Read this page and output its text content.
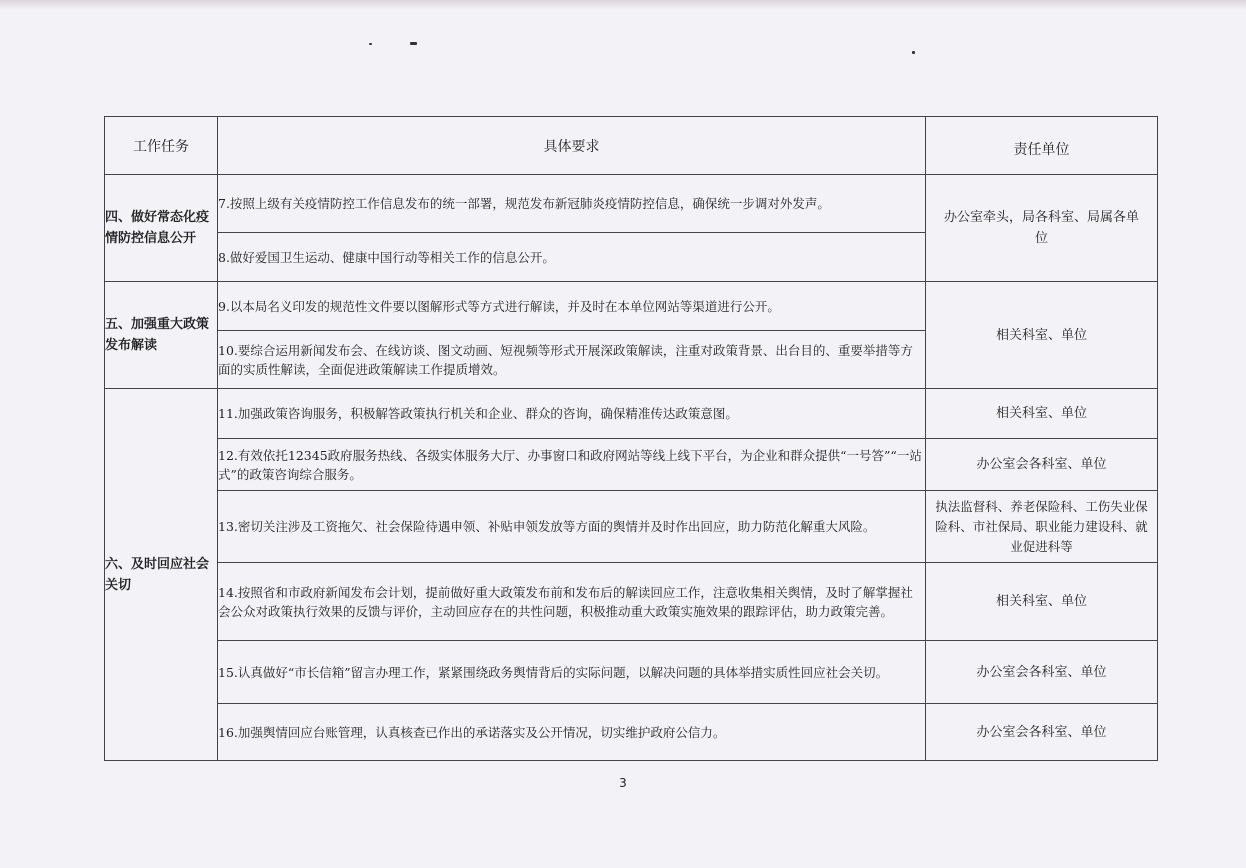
工作任务	具体要求	责任单位
四、做好常态化疫情防控信息公开	7.按照上级有关疫情防控工作信息发布的统一部署，规范发布新冠肺炎疫情防控信息，确保统一步调对外发声。	办公室牵头，局各科室、局属各单位
	8.做好爱国卫生运动、健康中国行动等相关工作的信息公开。	
五、加强重大政策发布解读	9.以本局名义印发的规范性文件要以图解形式等方式进行解读，并及时在本单位网站等渠道进行公开。	相关科室、单位
	10.要综合运用新闻发布会、在线访谈、图文动画、短视频等形式开展深政策解读，注重对政策背景、出台目的、重要举措等方面的实质性解读，全面促进政策解读工作提质增效。	
六、及时回应社会关切	11.加强政策咨询服务，积极解答政策执行机关和企业、群众的咨询，确保精准传达政策意图。	相关科室、单位
	12.有效依托12345政府服务热线、各级实体服务大厅、办事窗口和政府网站等线上线下平台，为企业和群众提供“一号答”“一站式”的政策咨询综合服务。	办公室会各科室、单位
	13.密切关注涉及工资拖欠、社会保险待遇申领、补贴申领发放等方面的舆情并及时作出回应，助力防范化解重大风险。	执法监督科、养老保险科、工伤失业保险科、市社保局、职业能力建设科、就业促进科等
	14.按照省和市政府新闻发布会计划，提前做好重大政策发布前和发布后的解读回应工作，注意收集相关舆情，及时了解掌握社会公众对政策执行效果的反馈与评价，主动回应存在的共性问题，积极推动重大政策实施效果的跟踪评估，助力政策完善。	相关科室、单位
	15.认真做好“市长信箱”留言办理工作，紧紧围绕政务舆情背后的实际问题，以解决问题的具体举措实质性回应社会关切。	办公室会各科室、单位
	16.加强舆情回应台账管理，认真核查已作出的承诺落实及公开情况，切实维护政府公信力。	办公室会各科室、单位
3
